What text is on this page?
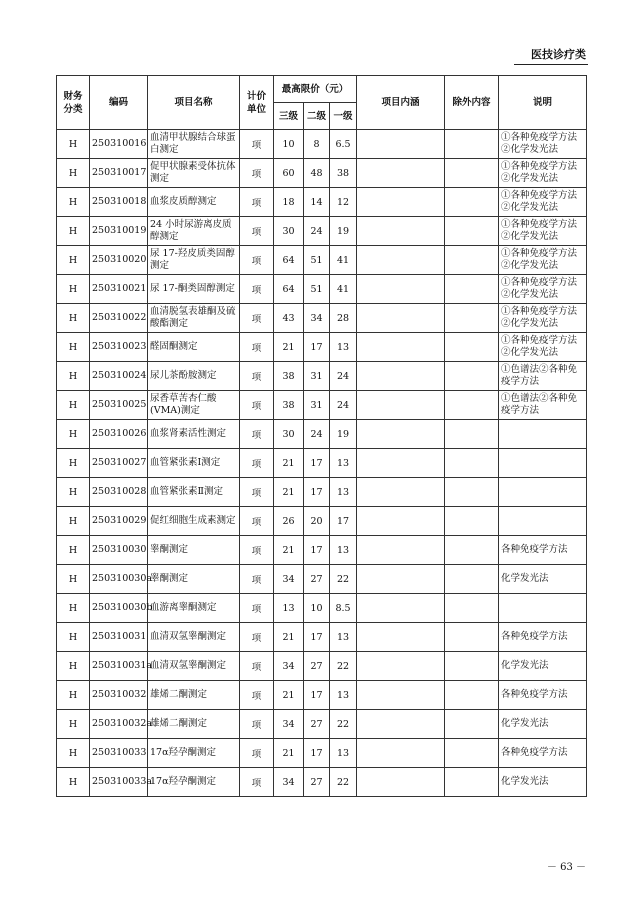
医技诊疗类
财务
分类	编码	项目名称	计价
单位	最高限价（元）			项目内涵	除外内容	说明
				三级	二级	一级			
H	250310016	血清甲状腺结合球蛋白测定	项	10	8	6.5			①各种免疫学方法
②化学发光法

H	250310017	促甲状腺素受体抗体测定	项	60	48	38			①各种免疫学方法
②化学发光法

H	250310018	血浆皮质醇测定	项	18	14	12			①各种免疫学方法
②化学发光法

H	250310019	24 小时尿游离皮质醇测定	项	30	24	19			①各种免疫学方法
②化学发光法

H	250310020	尿 17-羟皮质类固醇测定	项	64	51	41			①各种免疫学方法
②化学发光法

H	250310021	尿 17-酮类固醇测定	项	64	51	41			①各种免疫学方法
②化学发光法

H	250310022	血清脱氢表雄酮及硫酸酯测定	项	43	34	28			①各种免疫学方法
②化学发光法

H	250310023	醛固酮测定	项	21	17	13			①各种免疫学方法
②化学发光法

H	250310024	尿儿茶酚胺测定	项	38	31	24			①色谱法②各种免
疫学方法

H	250310025	尿香草苦杏仁酸(VMA)测定	项	38	31	24			①色谱法②各种免
疫学方法

H	250310026	血浆肾素活性测定	项	30	24	19			
H	250310027	血管紧张素Ⅰ测定	项	21	17	13			
H	250310028	血管紧张素Ⅱ测定	项	21	17	13			
H	250310029	促红细胞生成素测定	项	26	20	17			
H	250310030	睾酮测定	项	21	17	13			各种免疫学方法

H	250310030a	睾酮测定	项	34	27	22			化学发光法

H	250310030b	血游离睾酮测定	项	13	10	8.5			
H	250310031	血清双氢睾酮测定	项	21	17	13			各种免疫学方法

H	250310031a	血清双氢睾酮测定	项	34	27	22			化学发光法

H	250310032	雄烯二酮测定	项	21	17	13			各种免疫学方法

H	250310032a	雄烯二酮测定	项	34	27	22			化学发光法

H	250310033	17α羟孕酮测定	项	21	17	13			各种免疫学方法

H	250310033a	17α羟孕酮测定	项	34	27	22			化学发光法
－ 63 －
